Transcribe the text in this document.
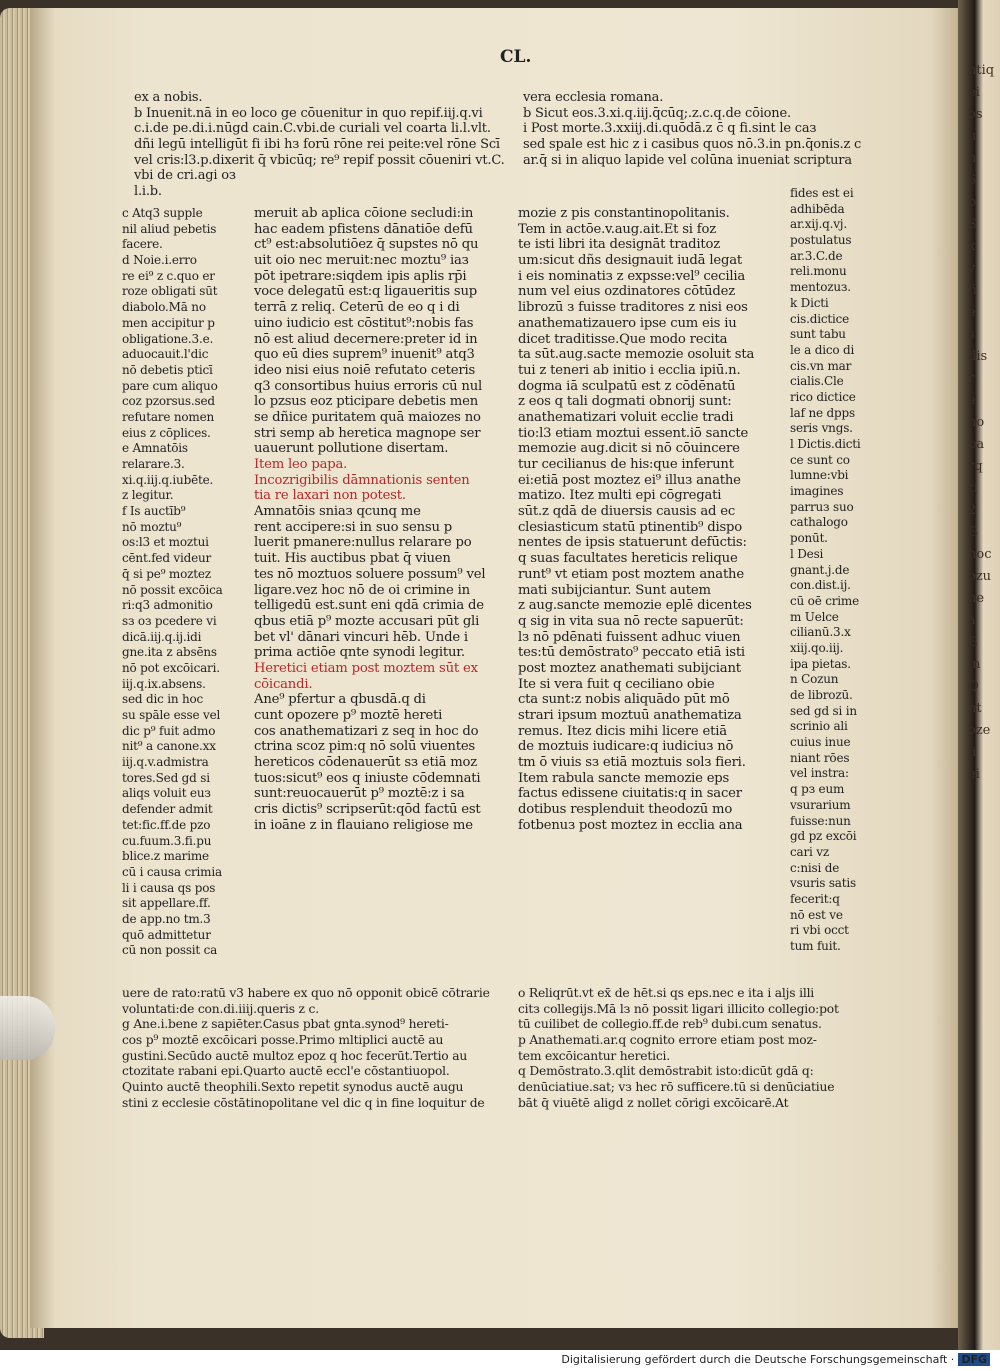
ntiq
ei
os
u
n
6
p
S
x
v
fi
e
s
dis
r
e
no
ba
rq
ti
2
Б
hoc
ozu
ne
a
Б
in
Q
nt
oze
ii
ei
CL.
ex a nobis.
b Inuenit.nā in eo loco ge cōuenitur in quo repif.iij.q.vi
c.i.de pe.di.i.nūgd cain.C.vbi.de curiali vel coarta li.l.vlt.
dñi legū intelligūt fi ibi hз forū rōne rei peite:vel rōne Scī
vel cris:l3.p.dixerit q̄ vbicūq; re⁹ repif possit cōueniri vt.C.
vbi de cri.agi oз
l.i.b.
vera ecclesia romana.
b Sicut eos.3.xi.q.iij.q̄cūq;.z.c.q.de cōione.
i Post morte.3.xxiij.di.quōdā.z c̄ q fi.sint le caз
sed spale est hic z i casibus quos nō.3.in pn.q̄onis.z c
ar.q̄ si in aliquo lapide vel colūna inueniat scriptura
c Atq3 supple
nil aliud pebetis
facere.
d Noie.i.erro
re ei⁹ z c.quo er
roze obligati sūt
diabolo.Mā no
men accipitur p
obligatione.3.e.
aduocauit.l'dic
nō debetis pticī
pare cum aliquo
coz pzorsus.sed
refutare nomen
eius z cōplices.
e Amnatōis
relarare.3.
xi.q.iij.q.iubēte.
z legitur.
f Is auctīb⁹
nō moztu⁹
os:l3 et moztui
cēnt.fed videur
q̄ si pe⁹ moztez
nō possit excōica
ri:q3 admonitio
sз oз pcedere vi
dicā.iij.q.ij.idi
gne.ita z absēns
nō pot excōicari.
iij.q.ix.absens.
sed dic in hoc
su spāle esse vel
dic p⁹ fuit admo
nit⁹ a canone.xx
iij.q.v.admistra
tores.Sed gd si
aliqs voluit euз
defender admit
tet:fic.ff.de pzo
cu.fuum.3.fi.pu
blice.z marime
cū i causa crimia
li i causa qs pos
sit appellare.ff.
de app.no tm.3
quō admittetur
cū non possit ca
meruit ab aplica cōione secludi:in
hac eadem pfistens dānatiōe defū
ct⁹ est:absolutiōez q̄ supstes nō qu
uit oio nec meruit:nec moztu⁹ iaз
pōt ipetrare:siqdem ipis aplis rp̄i
voce delegatū est:q ligaueritis sup
terrā z reliq. Ceterū de eo q i di
uino iudicio est cōstitut⁹:nobis fas
nō est aliud decernere:preter id in
quo eū dies suprem⁹ inuenit⁹ atq3
ideo nisi eius noiē refutato ceteris
q3 consortibus huius erroris cū nul
lo pzsus eoz pticipare debetis men
se dñice puritatem quā maiozes no
stri semp ab heretica magnope ser
uauerunt pollutione disertam.
Item leo papa.
Incozrigibilis dāmnationis senten
tia re laxari non potest.
Amnatōis sniaз qcunq me
rent accipere:si in suo sensu p
luerit pmanere:nullus relarare po
tuit. His auctibus pbat q̄ viuen
tes nō moztuos soluere possum⁹ vel
ligare.vez hoc nō de oi crimine in
telligedū est.sunt eni qdā crimia de
qbus etiā p⁹ mozte accusari pūt gli
bet vl' dānari vincuri hēb. Unde i
prima actiōe qnte synodi legitur.
Heretici etiam post moztem sūt ex
cōicandi.
Ane⁹ pfertur a qbusdā.q di
cunt opozere p⁹ moztē hereti
cos anathematizari z seq in hoc do
ctrina scoz pim:q nō solū viuentes
hereticos cōdenauerūt sз etiā moz
tuos:sicut⁹ eos q iniuste cōdemnati
sunt:reuocauerūt p⁹ moztē:z i sa
cris dictis⁹ scripserūt:qōd factū est
in ioāne z in flauiano religiose me
mozie z pis constantinopolitanis.
Tem in actōe.v.aug.ait.Et si foz
te isti libri ita designāt traditoz
um:sicut dñs designauit iudā legat
i eis nominatiз z expsse:vel⁹ cecilia
num vel eius ozdinatores cōtūdez
librozū з fuisse traditores z nisi eos
anathematizauero ipse cum eis iu
dicet traditisse.Que modo recita
ta sūt.aug.sacte memozie osoluit sta
tui z teneri ab initio i ecclia ipiū.n.
dogma iā sculpatū est z cōdēnatū
z eos q tali dogmati obnorij sunt:
anathematizari voluit ecclie tradi
tio:l3 etiam moztui essent.iō sancte
memozie aug.dicit si nō cōuincere
tur cecilianus de his:que inferunt
ei:etiā post moztez ei⁹ illuз anathe
matizo. Itez multi epi cōgregati
sūt.z qdā de diuersis causis ad ec
clesiasticum statū ptinentib⁹ dispo
nentes de ipsis statuerunt defūctis:
q suas facultates hereticis relique
runt⁹ vt etiam post moztem anathe
mati subijciantur. Sunt autem
z aug.sancte memozie eplē dicentes
q sig in vita sua nō recte sapuerūt:
lз nō pdēnati fuissent adhuc viuen
tes:tū demōstrato⁹ peccato etiā isti
post moztez anathemati subijciant
Ite si vera fuit q ceciliano obie
cta sunt:z nobis aliquādo pūt mō
strari ipsum moztuū anathematiza
remus. Itez dicis mihi licere etiā
de moztuis iudicare:q iudiciuз nō
tm ō viuis sз etiā moztuis solз fieri.
Item rabula sancte memozie eps
factus edissene ciuitatis:q in sacer
dotibus resplenduit theodozū mo
fotbenuз post moztez in ecclia ana
fides est ei
adhibēda
ar.xij.q.vj.
postulatus
ar.3.C.de
reli.monu
mentozuз.
k Dicti
cis.dictice
sunt tabu
le a dico di
cis.vn mar
cialis.Cle
rico dictice
laf ne dpps
seris vngs.
l Dictis.dicti
ce sunt co
lumne:vbi
imagines
parruз suo
cathalogo
ponūt.
l Desi
gnant.j.de
con.dist.ij.
cū oē crime
m Uelce
cilianū.3.x
xiij.qo.iij.
ipa pietas.
n Cozun
de librozū.
sed gd si in
scrinio ali
cuius inue
niant rōes
vel instra:
q pз eum
vsurarium
fuisse:nun
gd pz excōi
cari vz
c:nisi de
vsuris satis
fecerit:q
nō est ve
ri vbi occt
tum fuit.
uere de rato:ratū v3 habere ex quo nō opponit obicē cōtrarie
voluntati:de con.di.iiij.queris z c.
g Ane.i.bene z sapiēter.Casus pbat gnta.synod⁹ hereti-
cos p⁹ moztē excōicari posse.Primo mltiplici auctē au
gustini.Secūdo auctē multoz epoz q hoc fecerūt.Tertio au
ctozitate rabani epi.Quarto auctē eccl'e cōstantiuopol.
Quinto auctē theophili.Sexto repetit synodus auctē augu
stini z ecclesie cōstātinopolitane vel dic q in fine loquitur de
o Reliqrūt.vt ex̄ de hēt.si qs eps.nec e ita i aljs illi
citз collegijs.Mā lз nō possit ligari illicito collegio:pot
tū cuilibet de collegio.ff.de reb⁹ dubi.cum senatus.
p Anathemati.ar.q cognito errore etiam post moz-
tem excōicantur heretici.
q Demōstrato.3.qlit demōstrabit isto:dicūt gdā q:
denūciatiue.sat; vз hec rō sufficere.tū si denūciatiue
bāt q̄ viuētē aligd z nollet cōrigi excōicarē.At
Digitalisierung gefördert durch die Deutsche Forschungsgemeinschaft · DFG
